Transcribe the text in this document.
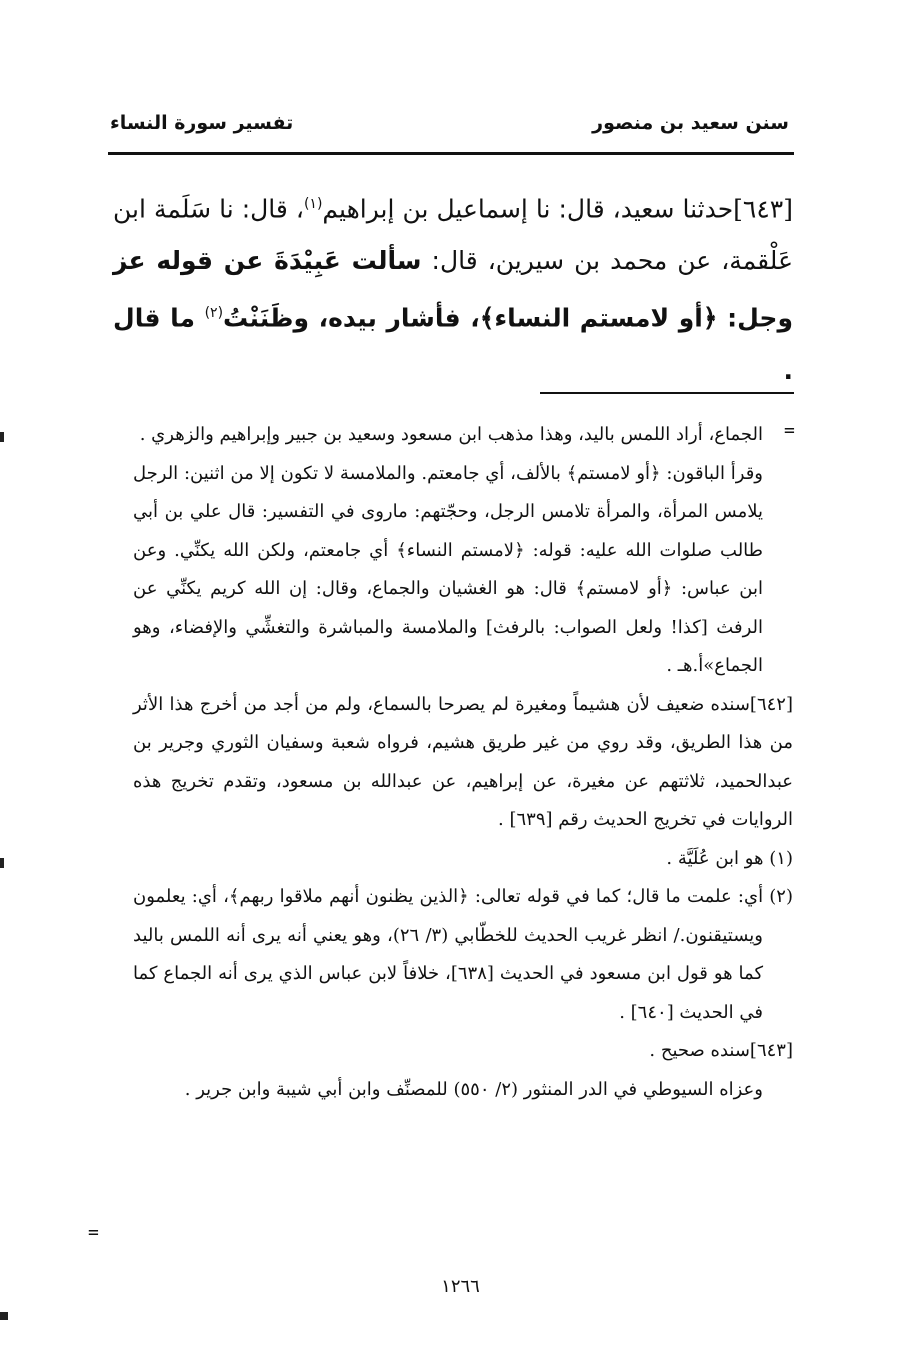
سنن سعيد بن منصور
تفسير سورة النساء
[٦٤٣]حدثنا سعيد، قال: نا إسماعيل بن إبراهيم$^{(١)}$، قال: نا سَلَمة ابن عَلْقمة، عن محمد بن سيرين، قال: سألت عَبِيْدَةَ عن قوله عز وجل: ﴿أو لامستم النساء﴾، فأشار بيده، وظَنَنْتُ$^{(٢)}$ ما قال .
=

الجماع، أراد اللمس باليد، وهذا مذهب ابن مسعود وسعيد بن جبير وإبراهيم والزهري .

وقرأ الباقون: ﴿أو لامستم﴾ بالألف، أي جامعتم. والملامسة لا تكون إلا من اثنين: الرجل يلامس المرأة، والمرأة تلامس الرجل، وحجّتهم: ماروى في التفسير: قال علي بن أبي طالب صلوات الله عليه: قوله: ﴿لامستم النساء﴾ أي جامعتم، ولكن الله يكنِّي. وعن ابن عباس: ﴿أو لامستم﴾ قال: هو الغشيان والجماع، وقال: إن الله كريم يكنِّي عن الرفث [كذا! ولعل الصواب: بالرفث] والملامسة والمباشرة والتغشِّي والإفضاء، وهو الجماع»أ.هـ .

[٦٤٢]سنده ضعيف لأن هشيماً ومغيرة لم يصرحا بالسماع، ولم من أجد من أخرج هذا الأثر من هذا الطريق، وقد روي من غير طريق هشيم، فرواه شعبة وسفيان الثوري وجرير بن عبدالحميد، ثلاثتهم عن مغيرة، عن إبراهيم، عن عبدالله بن مسعود، وتقدم تخريج هذه الروايات في تخريج الحديث رقم [٦٣٩] .

(١) هو ابن عُلَيَّة .

(٢) أي: علمت ما قال؛ كما في قوله تعالى: ﴿الذين يظنون أنهم ملاقوا ربهم﴾، أي: يعلمون ويستيقنون./ انظر غريب الحديث للخطّابي (٣/ ٢٦)، وهو يعني أنه يرى أنه اللمس باليد كما هو قول ابن مسعود في الحديث [٦٣٨]، خلافاً لابن عباس الذي يرى أنه الجماع كما في الحديث [٦٤٠] .

[٦٤٣]سنده صحيح .

وعزاه السيوطي في الدر المنثور (٢/ ٥٥٠) للمصنِّف وابن أبي شيبة وابن جرير .

=
١٢٦٦
